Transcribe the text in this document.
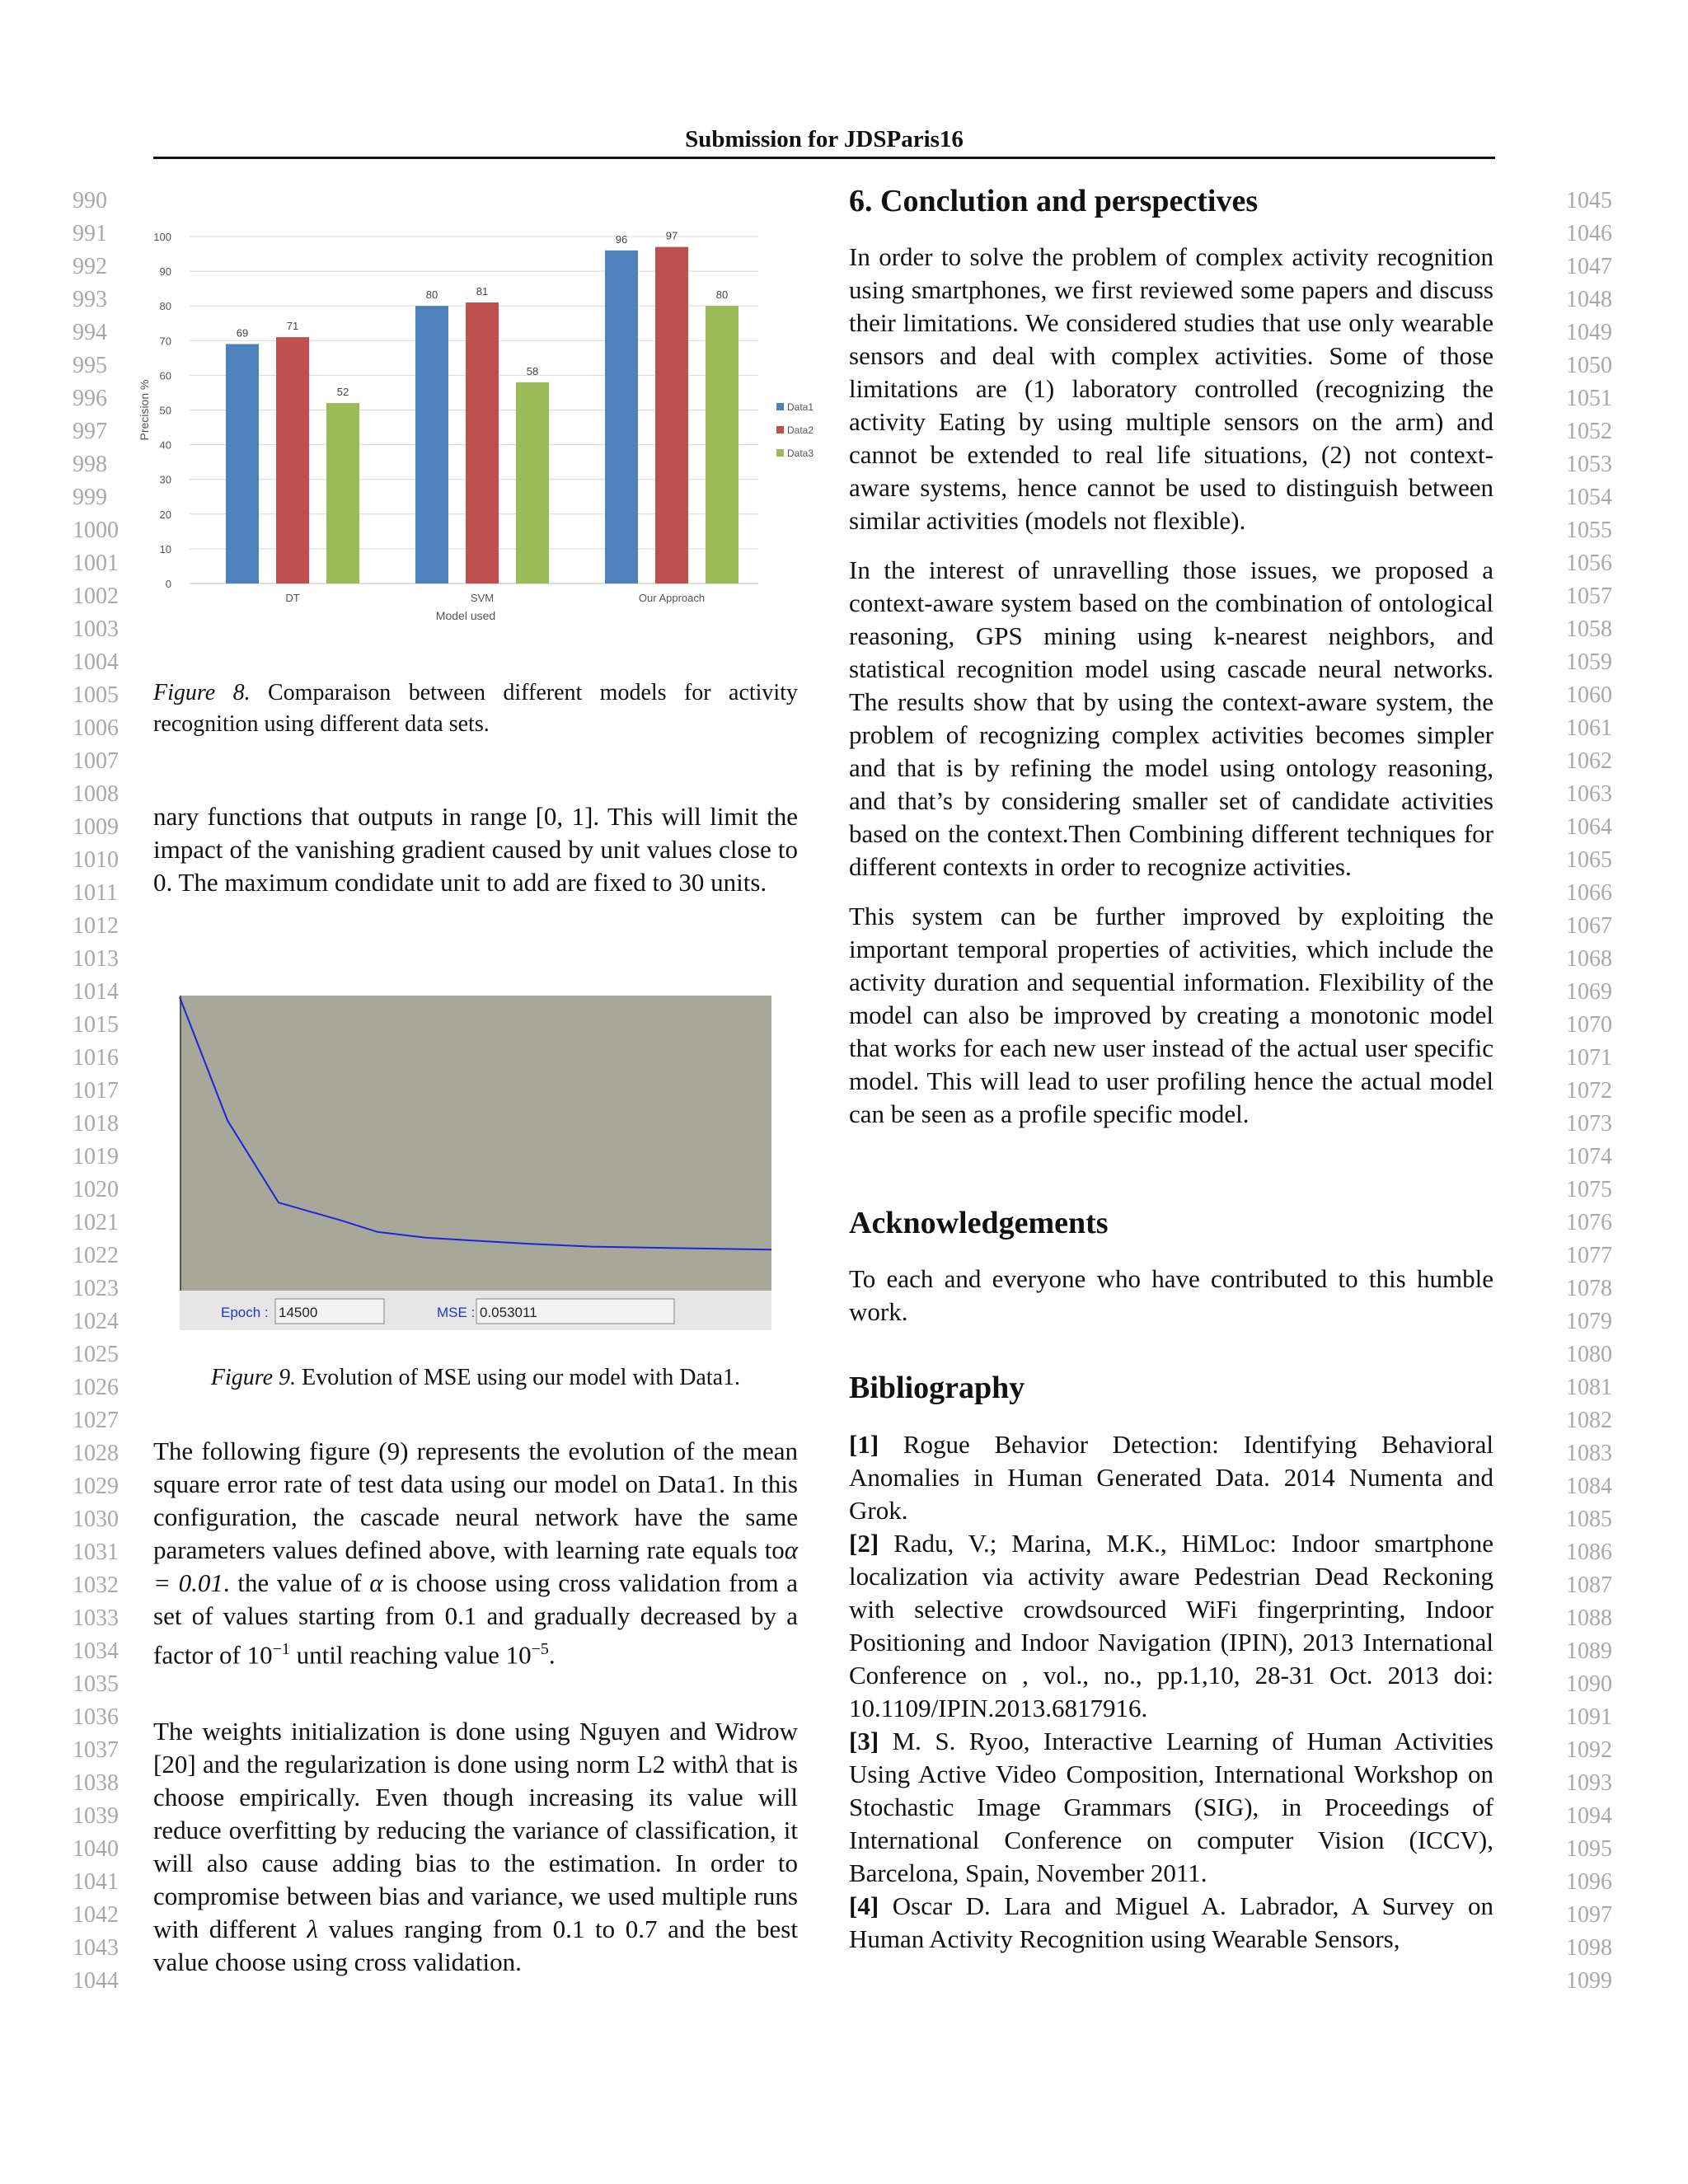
Submission for JDSParis16
990
991
992
993
994
995
996
997
998
999
1000
1001
1002
1003
1004
1005
1006
1007
1008
1009
1010
1011
1012
1013
1014
1015
1016
1017
1018
1019
1020
1021
1022
1023
1024
1025
1026
1027
1028
1029
1030
1031
1032
1033
1034
1035
1036
1037
1038
1039
1040
1041
1042
1043
1044
1045
1046
1047
1048
1049
1050
1051
1052
1053
1054
1055
1056
1057
1058
1059
1060
1061
1062
1063
1064
1065
1066
1067
1068
1069
1070
1071
1072
1073
1074
1075
1076
1077
1078
1079
1080
1081
1082
1083
1084
1085
1086
1087
1088
1089
1090
1091
1092
1093
1094
1095
1096
1097
1098
1099
0
10
20
30
40
50
60
70
80
90
100
Precision %
69
71
52
DT
80	81
58
SVM
96	97
80
Our Approach
Model used
Data1
Data2
Data3
Figure 8. Comparaison between different models for activity recognition using different data sets.

nary functions that outputs in range [0, 1]. This will limit the impact of the vanishing gradient caused by unit values close to 0. The maximum condidate unit to add are fixed to 30 units.

Epoch : 14500	MSE : 0.053011
Figure 9. Evolution of MSE using our model with Data1.

The following figure (9) represents the evolution of the mean square error rate of test data using our model on Data1. In this configuration, the cascade neural network have the same parameters values defined above, with learning rate equals toα = 0.01. the value of α is choose using cross validation from a set of values starting from 0.1 and gradually decreased by a factor of $10^{-1}$ until reaching value $10^{-5}$.

The weights initialization is done using Nguyen and Widrow [20] and the regularization is done using norm L2 withλ that is choose empirically. Even though increasing its value will reduce overfitting by reducing the variance of classification, it will also cause adding bias to the estimation. In order to compromise between bias and variance, we used multiple runs with different λ values ranging from 0.1 to 0.7 and the best value choose using cross validation.

6. Conclution and perspectives

In order to solve the problem of complex activity recognition using smartphones, we first reviewed some papers and discuss their limitations. We considered studies that use only wearable sensors and deal with complex activities. Some of those limitations are (1) laboratory controlled (recognizing the activity Eating by using multiple sensors on the arm) and cannot be extended to real life situations, (2) not context-aware systems, hence cannot be used to distinguish between similar activities (models not flexible).

In the interest of unravelling those issues, we proposed a context-aware system based on the combination of ontological reasoning, GPS mining using k-nearest neighbors, and statistical recognition model using cascade neural networks. The results show that by using the context-aware system, the problem of recognizing complex activities becomes simpler and that is by refining the model using ontology reasoning, and that’s by considering smaller set of candidate activities based on the context.Then Combining different techniques for different contexts in order to recognize activities.

This system can be further improved by exploiting the important temporal properties of activities, which include the activity duration and sequential information. Flexibility of the model can also be improved by creating a monotonic model that works for each new user instead of the actual user specific model. This will lead to user profiling hence the actual model can be seen as a profile specific model.

Acknowledgements

To each and everyone who have contributed to this humble work.

Bibliography

[1] Rogue Behavior Detection: Identifying Behavioral Anomalies in Human Generated Data. 2014 Numenta and Grok.

[2] Radu, V.; Marina, M.K., HiMLoc: Indoor smartphone localization via activity aware Pedestrian Dead Reckoning with selective crowdsourced WiFi fingerprinting, Indoor Positioning and Indoor Navigation (IPIN), 2013 International Conference on , vol., no., pp.1,10, 28-31 Oct. 2013 doi: 10.1109/IPIN.2013.6817916.

[3] M. S. Ryoo, Interactive Learning of Human Activities Using Active Video Composition, International Workshop on Stochastic Image Grammars (SIG), in Proceedings of International Conference on computer Vision (ICCV), Barcelona, Spain, November 2011.

[4] Oscar D. Lara and Miguel A. Labrador, A Survey on Human Activity Recognition using Wearable Sensors,
